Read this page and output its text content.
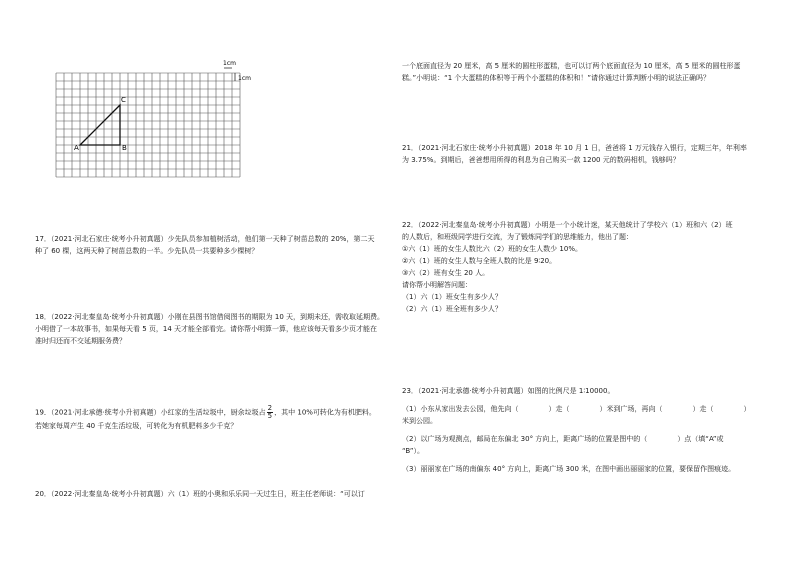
1cm
1cm
A	B
C
17．（2021·河北石家庄·统考小升初真题）少先队员参加植树活动，他们第一天种了树苗总数的 20%，第二天
种了 60 棵，这两天种了树苗总数的一半。少先队员一共要种多少棵树？
18．（2022·河北秦皇岛·统考小升初真题）小刚在县图书馆借阅图书的期限为 10 天，到期未还，需收取延期费。
小明借了一本故事书，如果每天看 5 页，14 天才能全部看完。请你帮小明算一算，他应该每天看多少页才能在
准时归还而不交延期服务费？
19．（2021·河北承德·统考小升初真题）小红家的生活垃圾中，厨余垃圾占 $\frac{2}{5}$ ，其中 10%可转化为有机肥料。
若她家每周产生 40 千克生活垃圾，可转化为有机肥料多少千克？
20．（2022·河北秦皇岛·统考小升初真题）六（1）班的小奥和乐乐同一天过生日，班主任老师说：“可以订
一个底面直径为 20 厘米，高 5 厘米的圆柱形蛋糕，也可以订两个底面直径为 10 厘米，高 5 厘米的圆柱形蛋
糕。”小明说：“1 个大蛋糕的体积等于两个小蛋糕的体积和！”请你通过计算判断小明的说法正确吗？
21．（2021·河北石家庄·统考小升初真题）2018 年 10 月 1 日，爸爸将 1 万元钱存入银行，定期三年，年利率
为 3.75%。到期后，爸爸想用所得的利息为自己购买一款 1200 元的数码相机，钱够吗？
22．（2022·河北秦皇岛·统考小升初真题）小明是一个小统计迷，某天他统计了学校六（1）班和六（2）班
的人数后，和班级同学进行交流，为了锻炼同学们的思维能力，他出了题：
①六（1）班的女生人数比六（2）班的女生人数少 10%。
②六（1）班的女生人数与全班人数的比是 9∶20。
③六（2）班有女生 20 人。
请你帮小明解答问题：
（1）六（1）班女生有多少人？
（2）六（1）班全班有多少人？
23．（2021·河北承德·统考小升初真题）如图的比例尺是 1∶10000。
（1）小东从家出发去公园，他先向（	）走（	）米到广场，再向（	）走（	）
米到公园。
（2）以广场为观测点，邮局在东偏北 30° 方向上，距离广场的位置是图中的（	）点（填“A”或
“B”）。
（3）丽丽家在广场的南偏东 40° 方向上，距离广场 300 米，在图中画出丽丽家的位置，要保留作图痕迹。
